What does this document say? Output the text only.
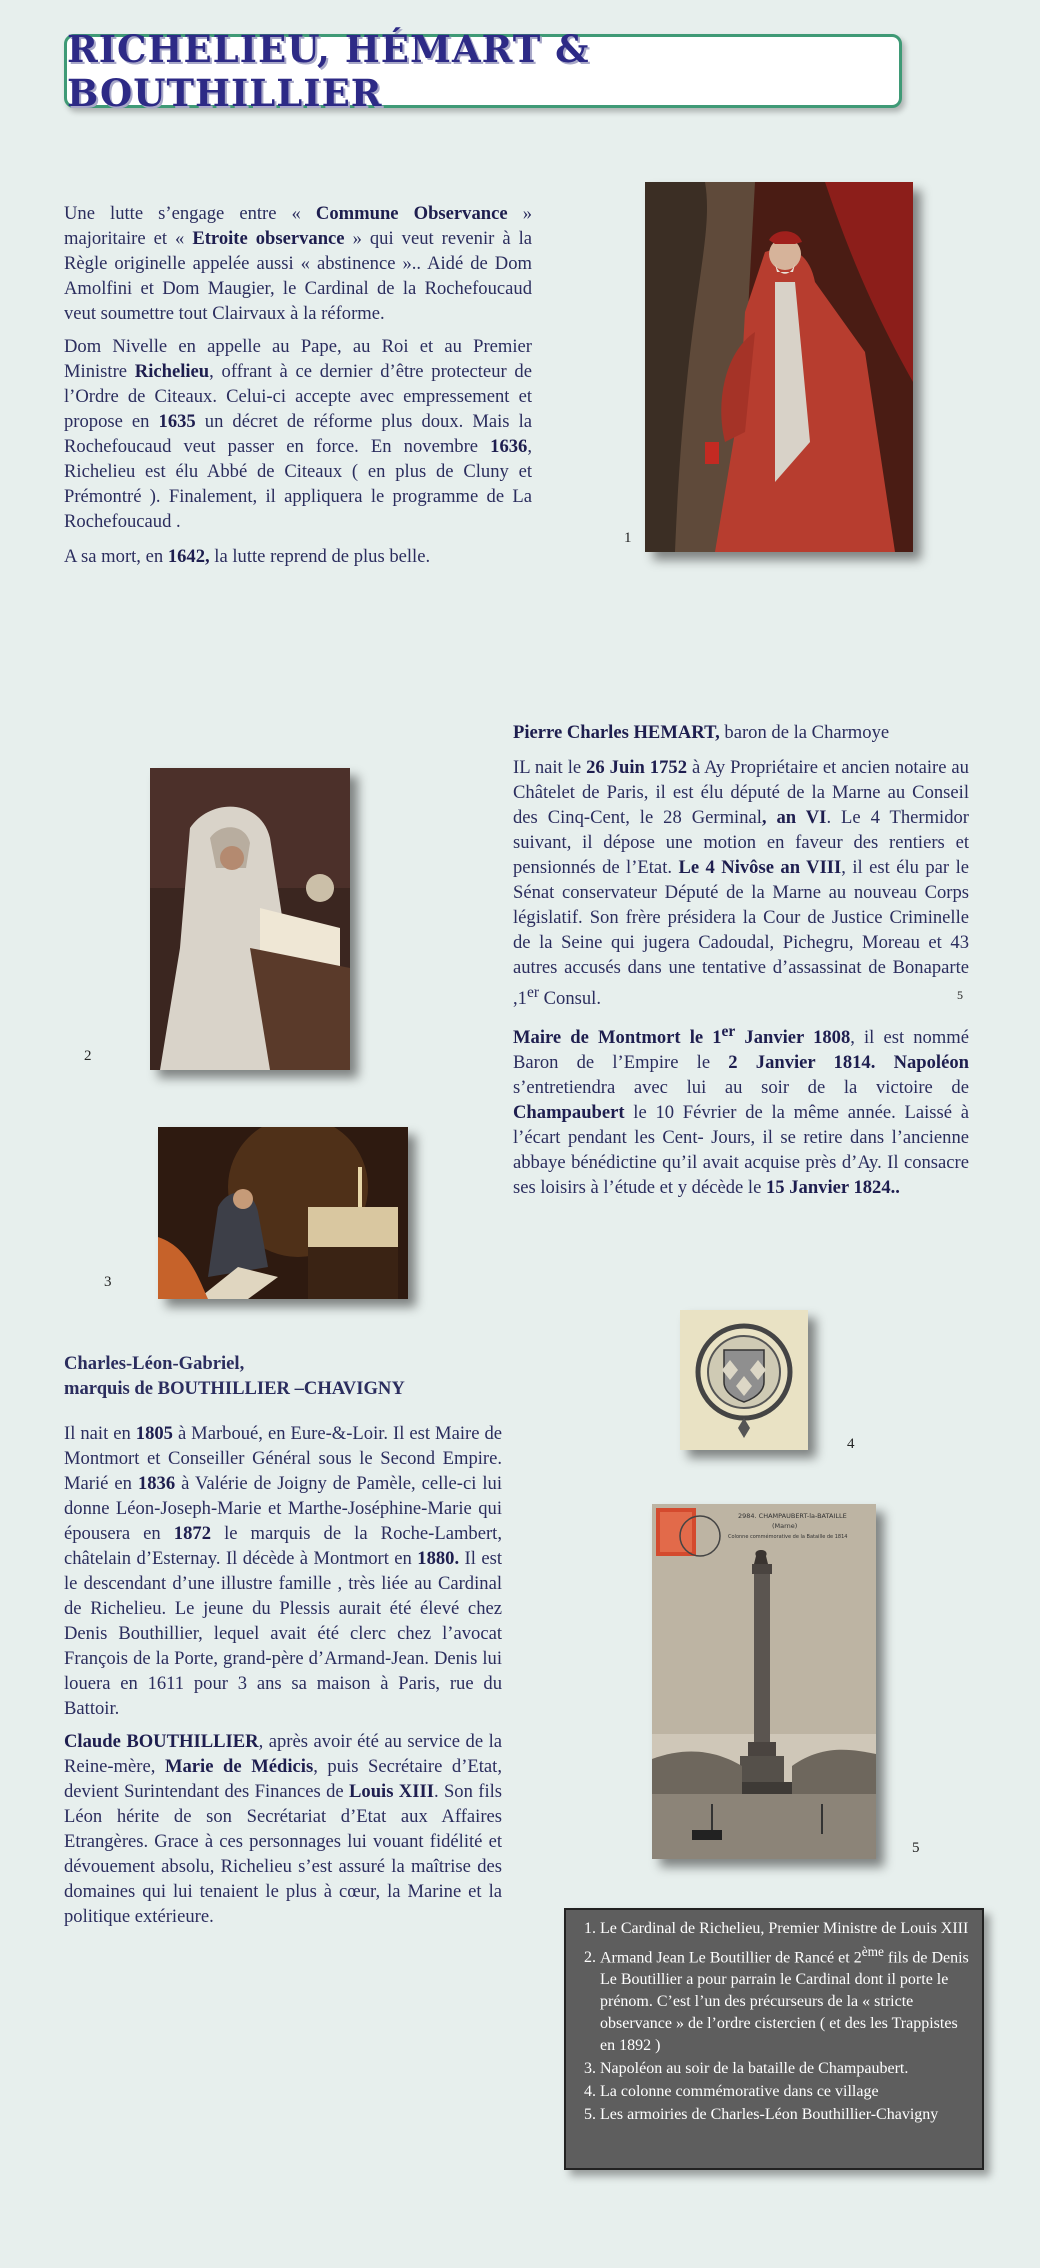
RICHELIEU, HÉMART & BOUTHILLIER

Une lutte s’engage entre « Commune Observance » majoritaire et « Etroite observance » qui veut revenir à la Règle originelle appelée aussi « abstinence ».. Aidé de Dom Amolfini et Dom Maugier, le Cardinal de la Rochefoucaud veut soumettre tout Clairvaux à la réforme.

Dom Nivelle en appelle au Pape, au Roi et au Premier Ministre Richelieu, offrant à ce dernier d’être protecteur de l’Ordre de Citeaux. Celui-ci accepte avec empressement et propose en 1635 un décret de réforme plus doux. Mais la Rochefoucaud veut passer en force. En novembre 1636, Richelieu est élu Abbé de Citeaux ( en plus de Cluny et Prémontré ). Finalement, il appliquera le programme de La Rochefoucaud .

A sa mort, en 1642, la lutte reprend de plus belle.

1

Pierre Charles HEMART, baron de la Charmoye

IL nait le 26 Juin 1752 à Ay Propriétaire et ancien notaire au Châtelet de Paris, il est élu député de la Marne au Conseil des Cinq-Cent, le 28 Germinal, an VI. Le 4 Thermidor suivant, il dépose une motion en faveur des rentiers et pensionnés de l’Etat. Le 4 Nivôse an VIII, il est élu par le Sénat conservateur Député de la Marne au nouveau Corps législatif. Son frère présidera la Cour de Justice Criminelle de la Seine qui jugera Cadoudal, Pichegru, Moreau et 43 autres accusés dans une tentative d’assassinat de Bonaparte ,1er Consul.

Maire de Montmort le 1er Janvier 1808, il est nommé Baron de l’Empire le 2 Janvier 1814. Napoléon s’entretiendra avec lui au soir de la victoire de Champaubert le 10 Février de la même année. Laissé à l’écart pendant les Cent- Jours, il se retire dans l’ancienne abbaye bénédictine qu’il avait acquise près d’Ay. Il consacre ses loisirs à l’étude et y décède le 15 Janvier 1824..

5
2
3

Charles-Léon-Gabriel,
marquis de BOUTHILLIER –CHAVIGNY

Il nait en 1805 à Marboué, en Eure-&-Loir. Il est Maire de Montmort et Conseiller Général sous le Second Empire. Marié en 1836 à Valérie de Joigny de Pamèle, celle-ci lui donne Léon-Joseph-Marie et Marthe-Joséphine-Marie qui épousera en 1872 le marquis de la Roche-Lambert, châtelain d’Esternay. Il décède à Montmort en 1880. Il est le descendant d’une illustre famille , très liée au Cardinal de Richelieu. Le jeune du Plessis aurait été élevé chez Denis Bouthillier, lequel avait été clerc chez l’avocat François de la Porte, grand-père d’Armand-Jean. Denis lui louera en 1611 pour 3 ans sa maison à Paris, rue du Battoir.

Claude BOUTHILLIER, après avoir été au service de la Reine-mère, Marie de Médicis, puis Secrétaire d’Etat, devient Surintendant des Finances de Louis XIII. Son fils Léon hérite de son Secrétariat d’Etat aux Affaires Etrangères. Grace à ces personnages lui vouant fidélité et dévouement absolu, Richelieu s’est assuré la maîtrise des domaines qui lui tenaient le plus à cœur, la Marine et la politique extérieure.

4
2984. CHAMPAUBERT-la-BATAILLE
(Marne)
Colonne commémorative de la Bataille de 1814
5
1. Le Cardinal de Richelieu, Premier Ministre de Louis XIII
2. Armand Jean Le Boutillier de Rancé et 2ème fils de Denis Le Boutillier a pour parrain le Cardinal dont il porte le prénom. C’est l’un des précurseurs de la « stricte observance » de l’ordre cistercien ( et des les Trappistes en 1892 )
3. Napoléon au soir de la bataille de Champaubert.
4. La colonne commémorative dans ce village
5. Les armoiries de Charles-Léon Bouthillier-Chavigny
